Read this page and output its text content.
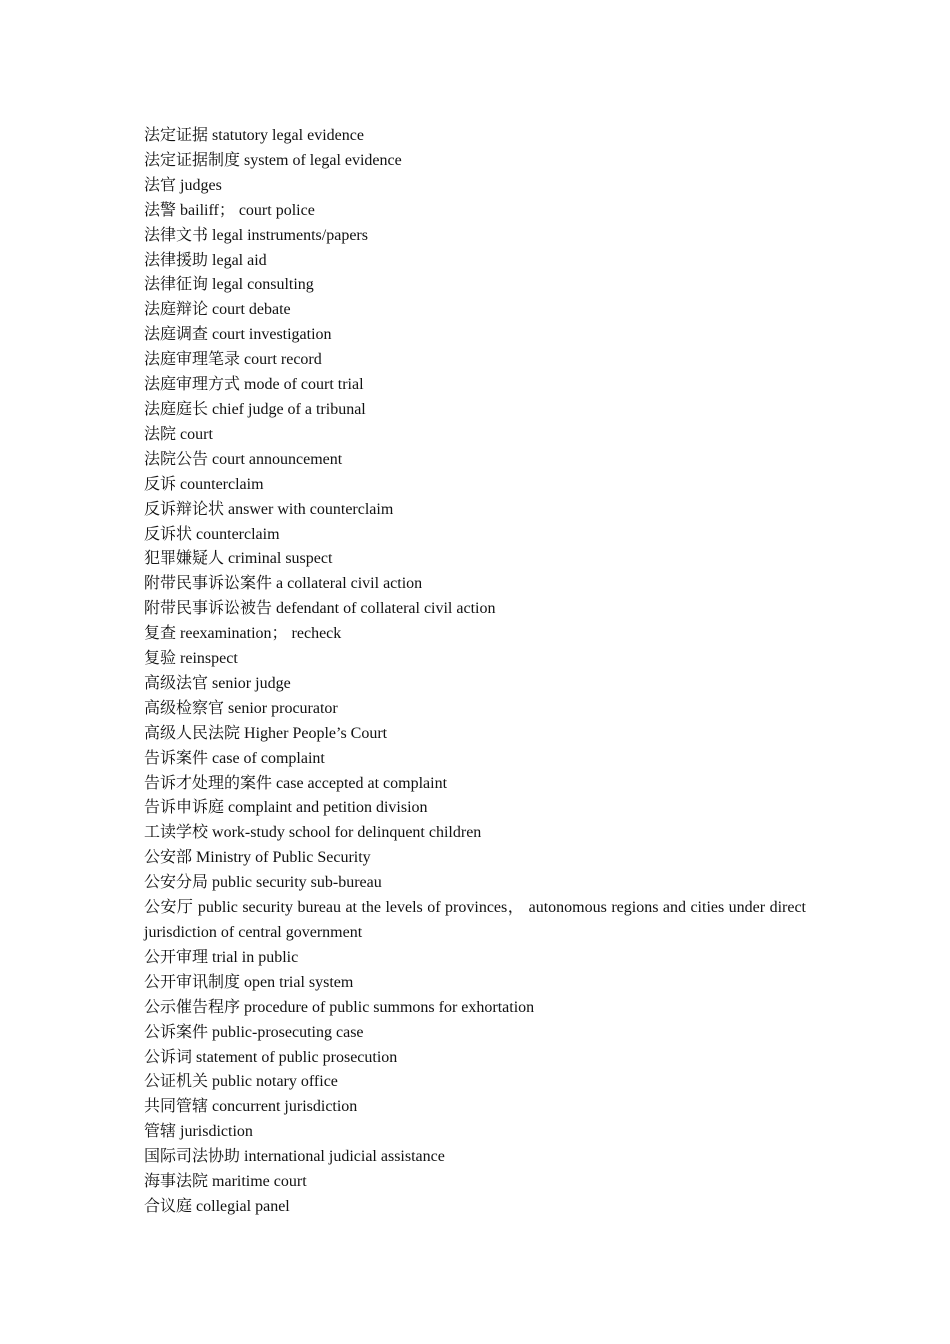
法定证据 statutory legal evidence
法定证据制度 system of legal evidence
法官 judges
法警 bailiff； court police
法律文书 legal instruments/papers
法律援助 legal aid
法律征询 legal consulting
法庭辩论 court debate
法庭调查 court investigation
法庭审理笔录 court record
法庭审理方式 mode of court trial
法庭庭长 chief judge of a tribunal
法院 court
法院公告 court announcement
反诉 counterclaim
反诉辩论状 answer with counterclaim
反诉状 counterclaim
犯罪嫌疑人 criminal suspect
附带民事诉讼案件 a collateral civil action
附带民事诉讼被告 defendant of collateral civil action
复查 reexamination； recheck
复验 reinspect
高级法官 senior judge
高级检察官 senior procurator
高级人民法院 Higher People’s Court
告诉案件 case of complaint
告诉才处理的案件 case accepted at complaint
告诉申诉庭 complaint and petition division
工读学校 work-study school for delinquent children
公安部 Ministry of Public Security
公安分局 public security sub-bureau
公安厅 public security bureau at the levels of provinces， autonomous regions and cities under direct jurisdiction of central government
公开审理 trial in public
公开审讯制度 open trial system
公示催告程序 procedure of public summons for exhortation
公诉案件 public-prosecuting case
公诉词 statement of public prosecution
公证机关 public notary office
共同管辖 concurrent jurisdiction
管辖 jurisdiction
国际司法协助 international judicial assistance
海事法院 maritime court
合议庭 collegial panel
